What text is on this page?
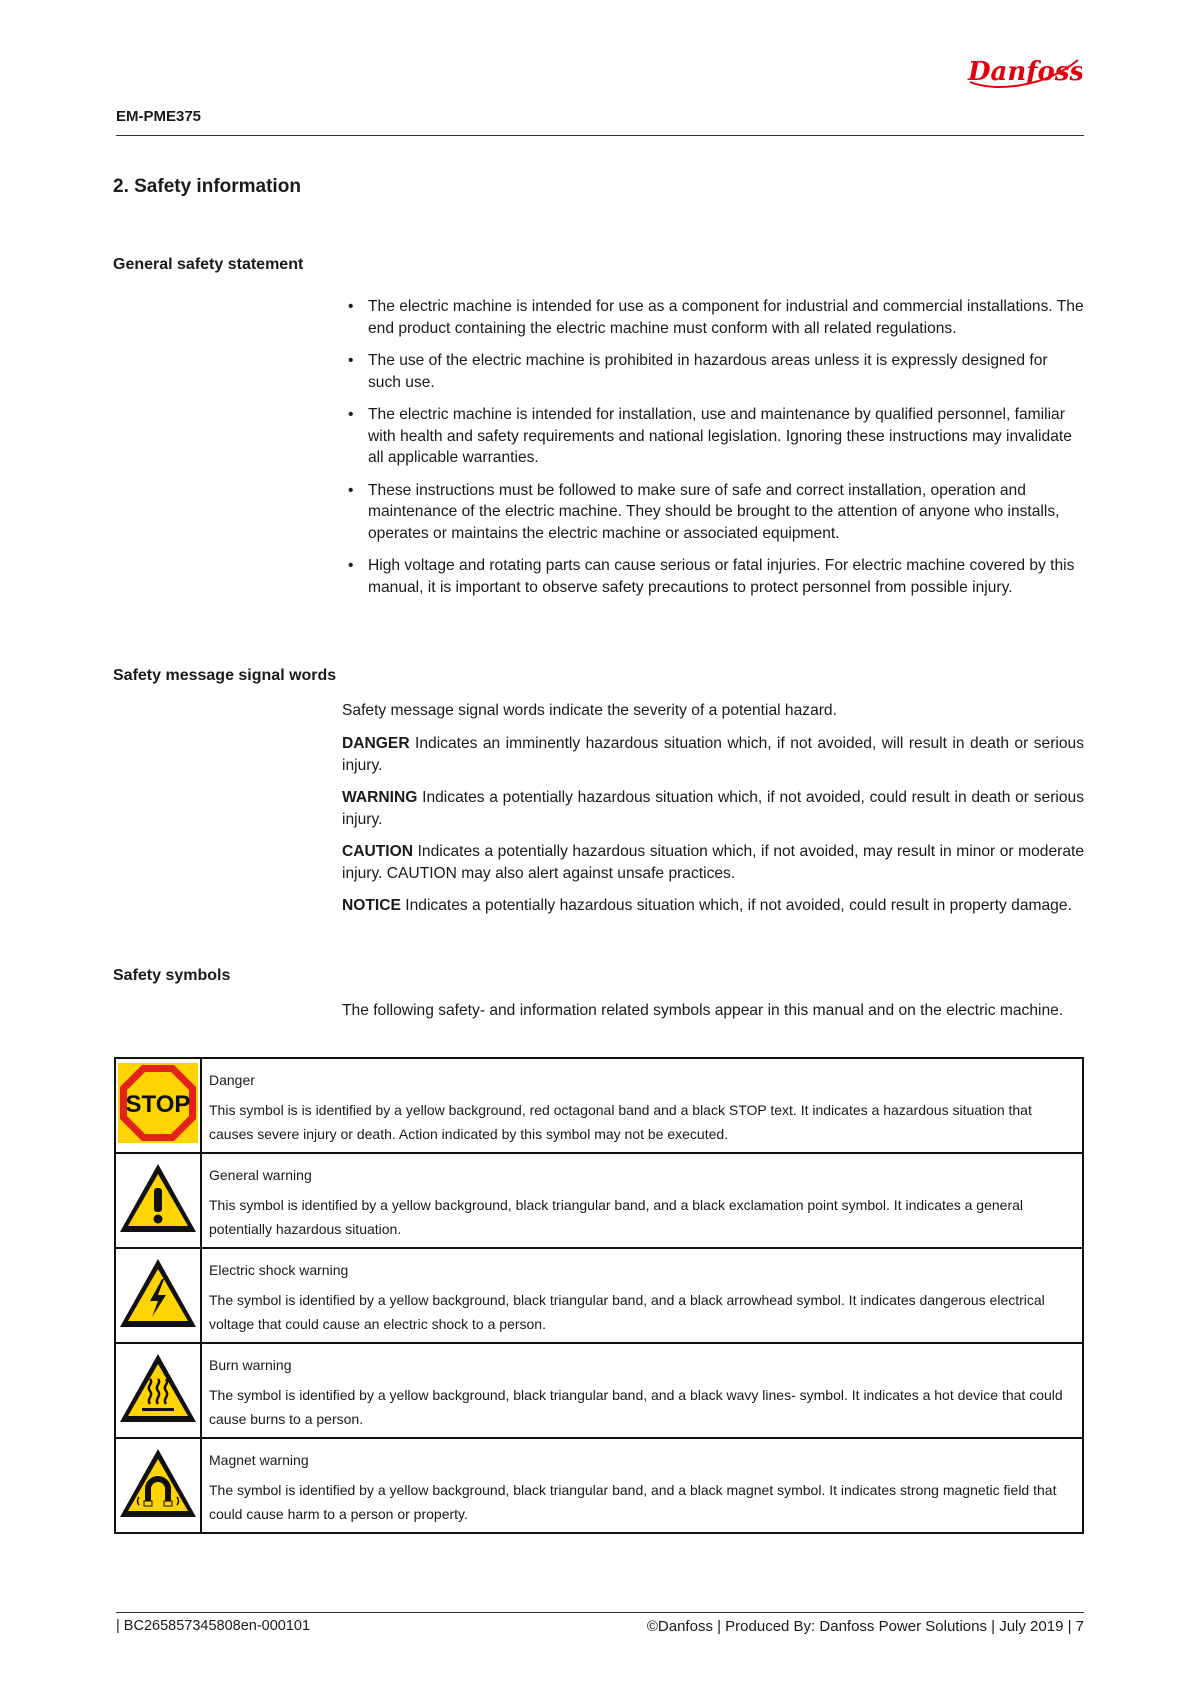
Danfoss
EM-PME375
2. Safety information
General safety statement
• The electric machine is intended for use as a component for industrial and commercial installations. The end product containing the electric machine must conform with all related regulations.
• The use of the electric machine is prohibited in hazardous areas unless it is expressly designed for such use.
• The electric machine is intended for installation, use and maintenance by qualified personnel, familiar with health and safety requirements and national legislation. Ignoring these instructions may invalidate all applicable warranties.
• These instructions must be followed to make sure of safe and correct installation, operation and maintenance of the electric machine. They should be brought to the attention of anyone who installs, operates or maintains the electric machine or associated equipment.
• High voltage and rotating parts can cause serious or fatal injuries. For electric machine covered by this manual, it is important to observe safety precautions to protect personnel from possible injury.
Safety message signal words

Safety message signal words indicate the severity of a potential hazard.

DANGER Indicates an imminently hazardous situation which, if not avoided, will result in death or serious injury.

WARNING Indicates a potentially hazardous situation which, if not avoided, could result in death or serious injury.

CAUTION Indicates a potentially hazardous situation which, if not avoided, may result in minor or moderate injury. CAUTION may also alert against unsafe practices.

NOTICE Indicates a potentially hazardous situation which, if not avoided, could result in property damage.

Safety symbols

The following safety- and information related symbols appear in this manual and on the electric machine.

STOP	Danger
This symbol is is identified by a yellow background, red octagonal band and a black STOP text. It indicates a hazardous situation that causes severe injury or death. Action indicated by this symbol may not be executed.

General warning
This symbol is identified by a yellow background, black triangular band, and a black exclamation point symbol. It indicates a general potentially hazardous situation.

Electric shock warning
The symbol is identified by a yellow background, black triangular band, and a black arrowhead symbol. It indicates dangerous electrical voltage that could cause an electric shock to a person.

Burn warning
The symbol is identified by a yellow background, black triangular band, and a black wavy lines- symbol. It indicates a hot device that could cause burns to a person.

Magnet warning
The symbol is identified by a yellow background, black triangular band, and a black magnet symbol. It indicates strong magnetic field that could cause harm to a person or property.
| BC265857345808en-000101	©Danfoss | Produced By: Danfoss Power Solutions | July 2019 | 7
